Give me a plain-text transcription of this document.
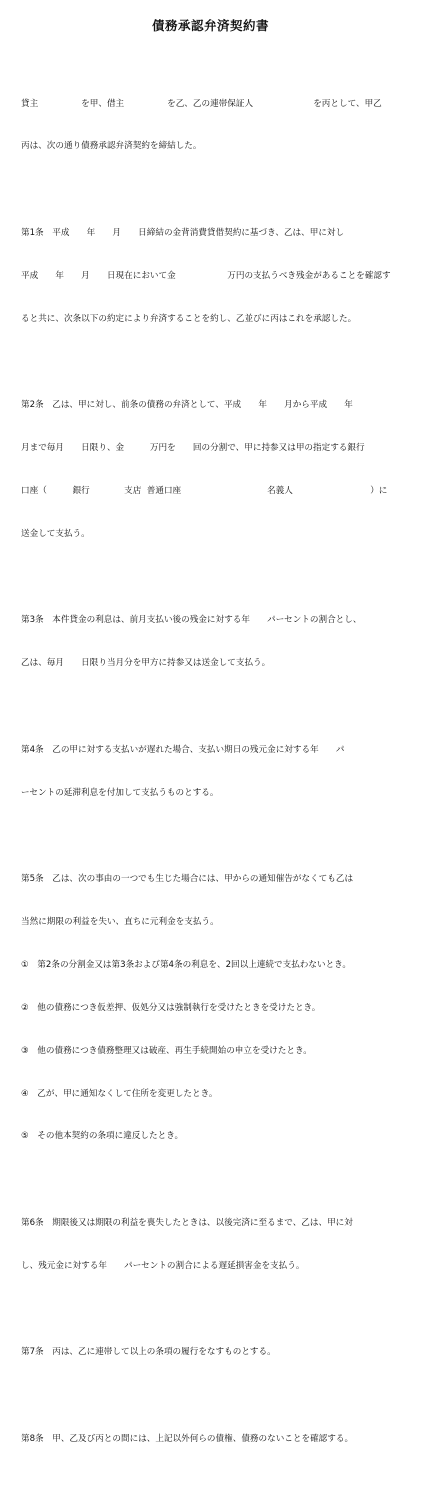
債務承認弁済契約書

貸主　　　　　を甲、借主　　　　　を乙、乙の連帯保証人　　　　　　　を丙として、甲乙

丙は、次の通り債務承認弁済契約を締結した。

第1条　平成　　年　　月　　日締結の金背消費貸借契約に基づき、乙は、甲に対し

平成　　年　　月　　日現在において金　　　　　　万円の支払うべき残金があることを確認す

ると共に、次条以下の約定により弁済することを約し、乙並びに丙はこれを承認した。

第2条　乙は、甲に対し、前条の債務の弁済として、平成　　年　　月から平成　　年

月まで毎月　　日限り、金　　　万円を　　回の分割で、甲に持参又は甲の指定する銀行

口座（　　　銀行　　　　支店  普通口座　　　　　　　　　　名義人　　　　　　　　　）に

送金して支払う。

第3条　本件貸金の利息は、前月支払い後の残金に対する年　　パーセントの割合とし、

乙は、毎月　　日限り当月分を甲方に持参又は送金して支払う。

第4条　乙の甲に対する支払いが遅れた場合、支払い期日の残元金に対する年　　パ

ーセントの延滞利息を付加して支払うものとする。

第5条　乙は、次の事由の一つでも生じた場合には、甲からの通知催告がなくても乙は

当然に期限の利益を失い、直ちに元利金を支払う。

①　第2条の分割金又は第3条および第4条の利息を、2回以上連続で支払わないとき。

②　他の債務につき仮差押、仮処分又は強制執行を受けたときを受けたとき。

③　他の債務につき債務整理又は破産、再生手続開始の申立を受けたとき。

④　乙が、甲に通知なくして住所を変更したとき。

⑤　その他本契約の条項に違反したとき。

第6条　期限後又は期限の利益を喪失したときは、以後完済に至るまで、乙は、甲に対

し、残元金に対する年　　パーセントの割合による遅延損害金を支払う。

第7条　丙は、乙に連帯して以上の条項の履行をなすものとする。

第8条　甲、乙及び丙との間には、上記以外何らの債権、債務のないことを確認する。
